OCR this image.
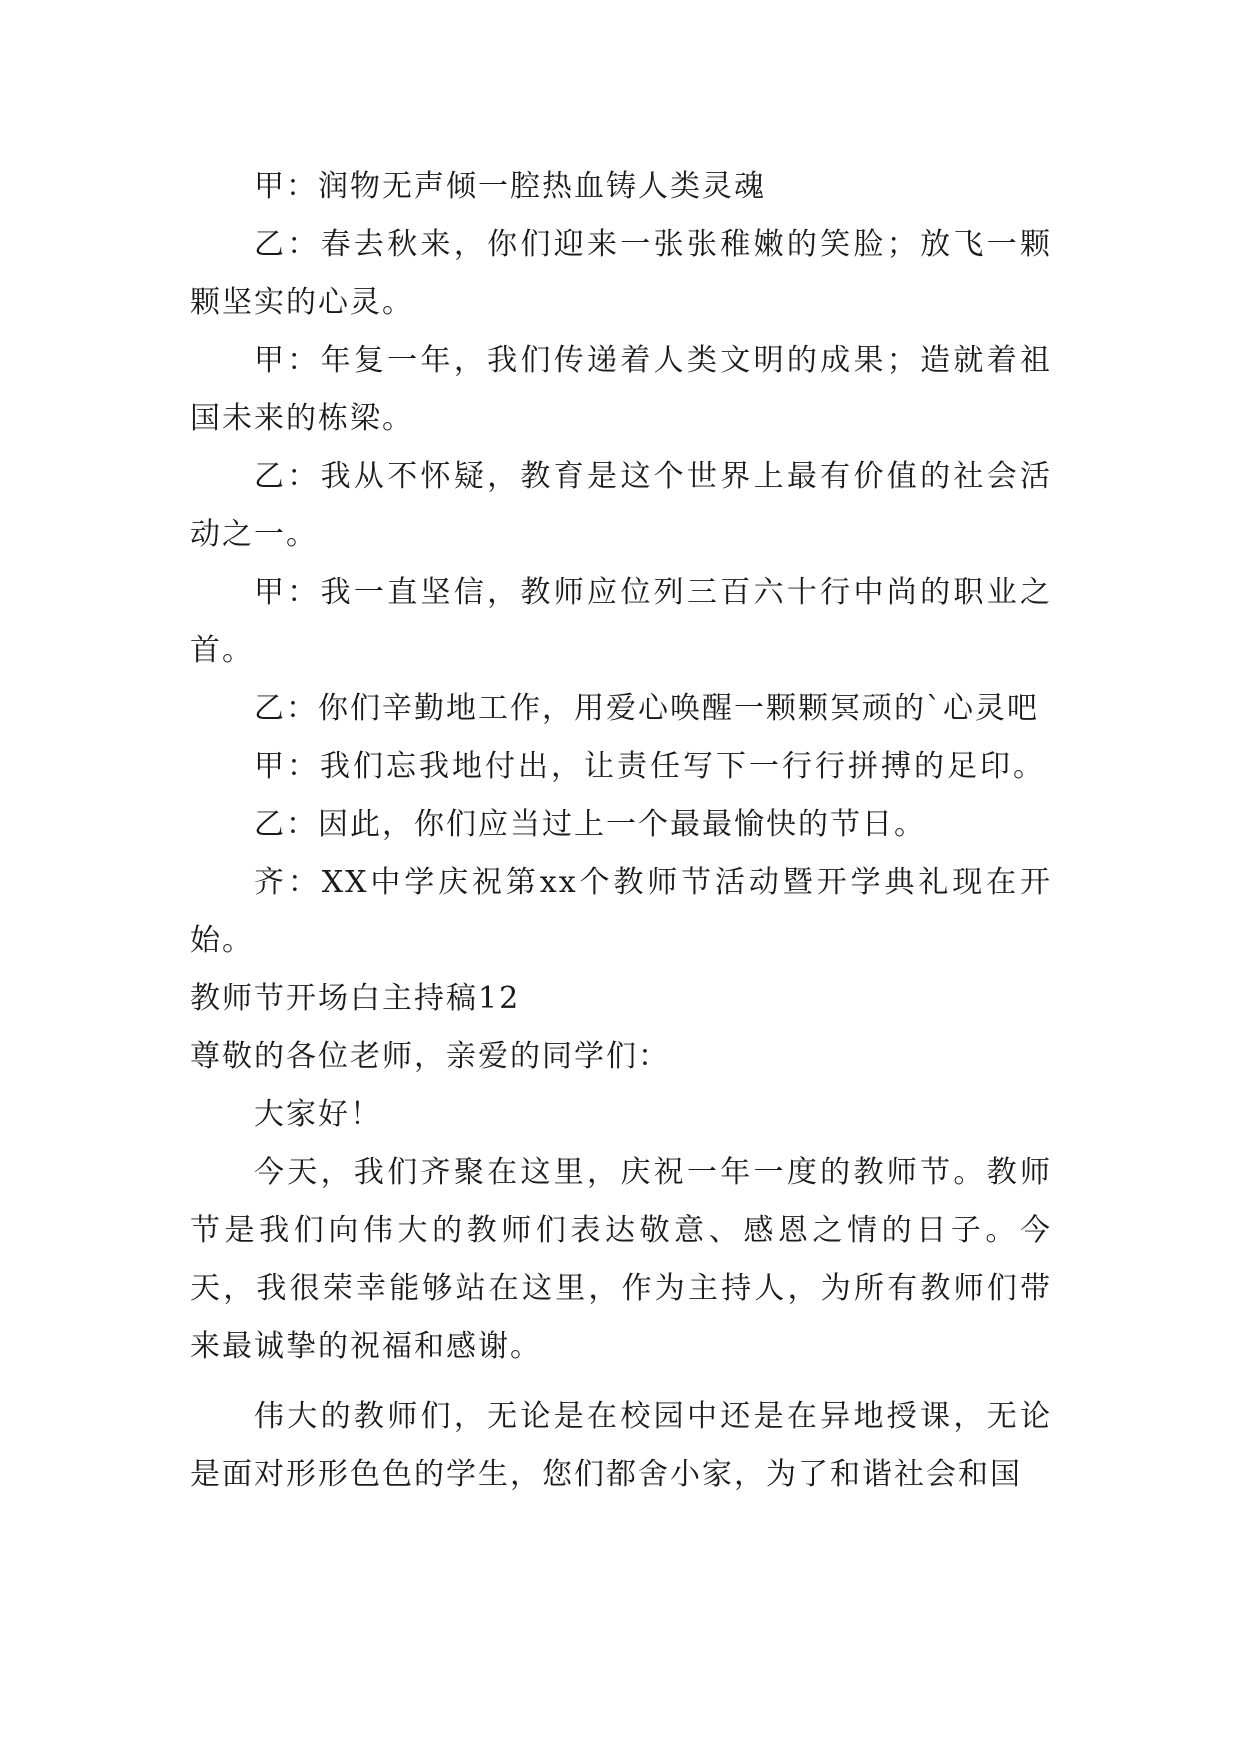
甲：润物无声倾一腔热血铸人类灵魂

乙：春去秋来，你们迎来一张张稚嫩的笑脸；放飞一颗颗坚实的心灵。

甲：年复一年，我们传递着人类文明的成果；造就着祖国未来的栋梁。

乙：我从不怀疑，教育是这个世界上最有价值的社会活动之一。

甲：我一直坚信，教师应位列三百六十行中尚的职业之首。

乙：你们辛勤地工作，用爱心唤醒一颗颗冥顽的`心灵吧

甲：我们忘我地付出，让责任写下一行行拼搏的足印。

乙：因此，你们应当过上一个最最愉快的节日。

齐：XX中学庆祝第xx个教师节活动暨开学典礼现在开始。

教师节开场白主持稿12

尊敬的各位老师，亲爱的同学们：

大家好！

今天，我们齐聚在这里，庆祝一年一度的教师节。教师节是我们向伟大的教师们表达敬意、感恩之情的日子。今天，我很荣幸能够站在这里，作为主持人，为所有教师们带来最诚挚的祝福和感谢。

伟大的教师们，无论是在校园中还是在异地授课，无论是面对形形色色的学生，您们都舍小家，为了和谐社会和国
